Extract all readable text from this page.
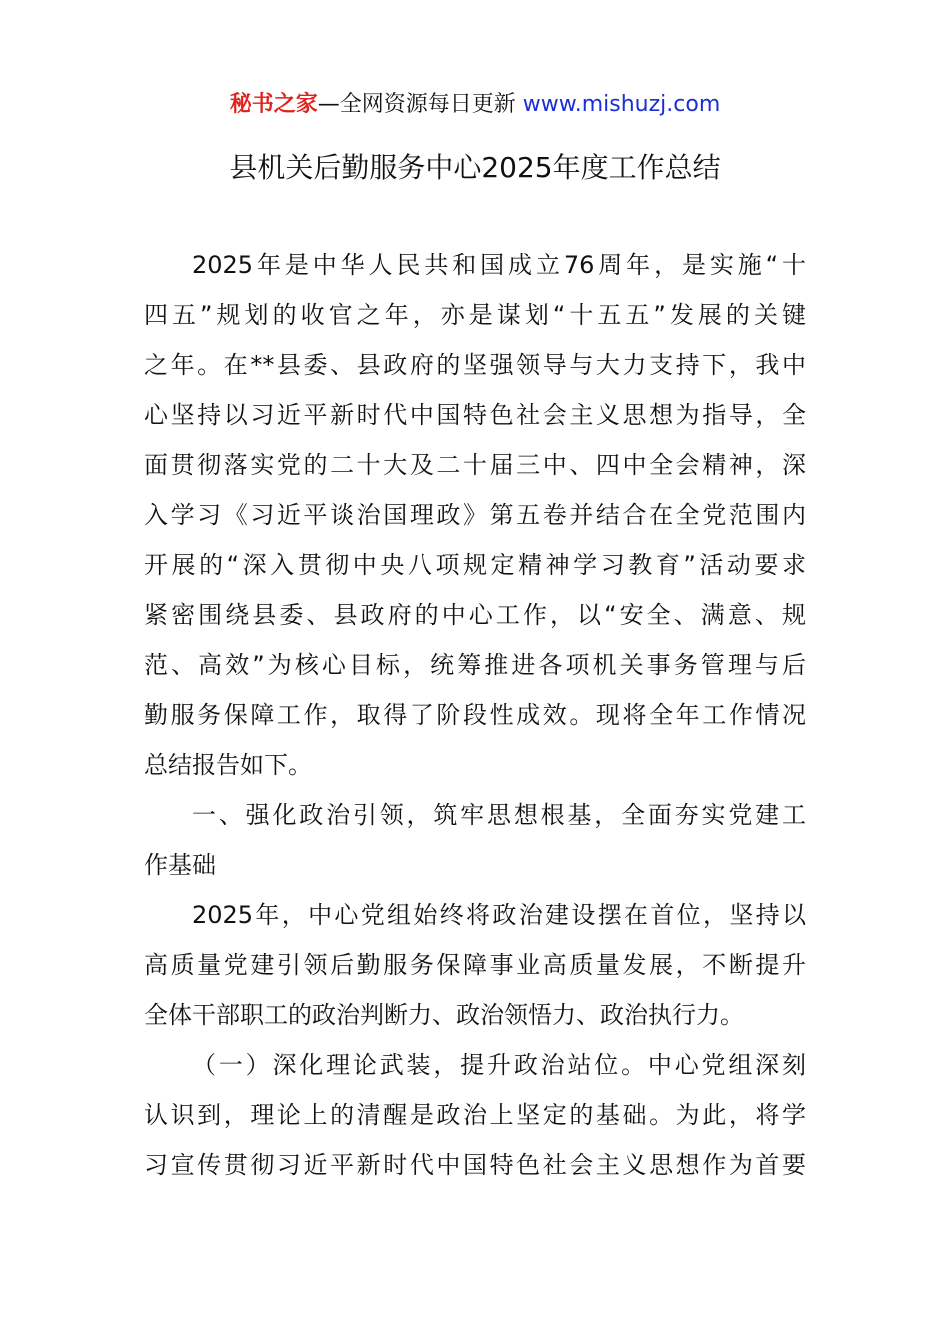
秘书之家—全网资源每日更新 www.mishuzj.com
县机关后勤服务中心2025年度工作总结
2025年是中华人民共和国成立76周年，是实施“十
四五”规划的收官之年，亦是谋划“十五五”发展的关键
之年。在**县委、县政府的坚强领导与大力支持下，我中
心坚持以习近平新时代中国特色社会主义思想为指导，全
面贯彻落实党的二十大及二十届三中、四中全会精神，深
入学习《习近平谈治国理政》第五卷并结合在全党范围内
开展的“深入贯彻中央八项规定精神学习教育”活动要求
紧密围绕县委、县政府的中心工作，以“安全、满意、规
范、高效”为核心目标，统筹推进各项机关事务管理与后
勤服务保障工作，取得了阶段性成效。现将全年工作情况
总结报告如下。
一、强化政治引领，筑牢思想根基，全面夯实党建工
作基础
2025年，中心党组始终将政治建设摆在首位，坚持以
高质量党建引领后勤服务保障事业高质量发展，不断提升
全体干部职工的政治判断力、政治领悟力、政治执行力。
（一）深化理论武装，提升政治站位。中心党组深刻
认识到，理论上的清醒是政治上坚定的基础。为此，将学
习宣传贯彻习近平新时代中国特色社会主义思想作为首要
